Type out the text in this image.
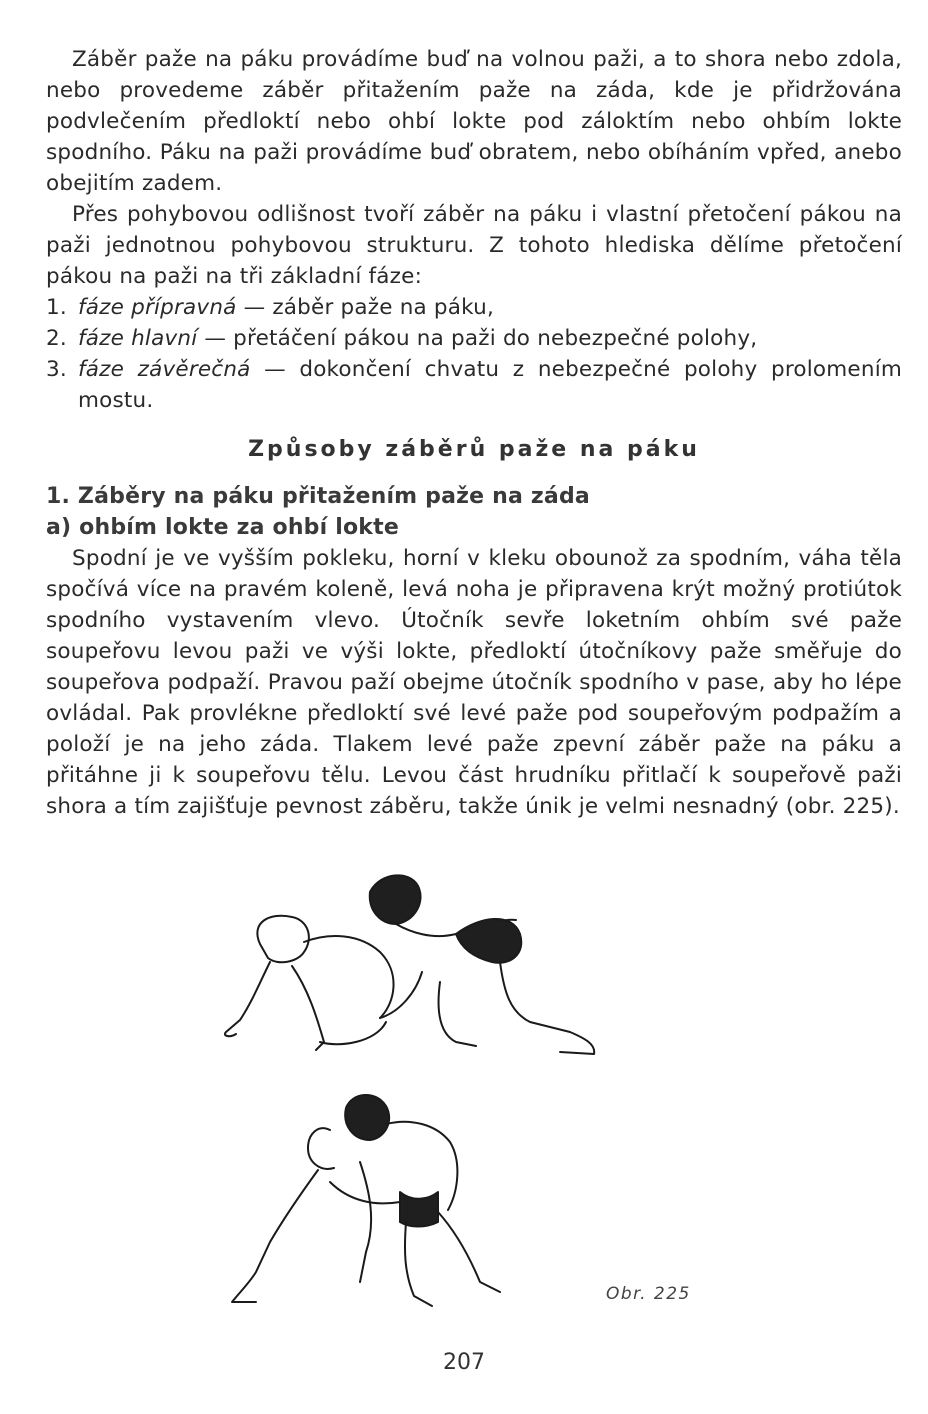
Záběr paže na páku provádíme buď na volnou paži, a to shora nebo zdola, nebo provedeme záběr přitažením paže na záda, kde je přidržována podvlečením předloktí nebo ohbí lokte pod záloktím nebo ohbím lokte spodního. Páku na paži provádíme buď obratem, nebo obíháním vpřed, anebo obejitím zadem.

Přes pohybovou odlišnost tvoří záběr na páku i vlastní přetočení pákou na paži jednotnou pohybovou strukturu. Z tohoto hlediska dělíme přetočení pákou na paži na tři základní fáze:

1. fáze přípravná — záběr paže na páku,
2. fáze hlavní — přetáčení pákou na paži do nebezpečné polohy,
3. fáze závěrečná — dokončení chvatu z nebezpečné polohy prolomením mostu.
Způsoby záběrů paže na páku
1. Záběry na páku přitažením paže na záda
a) ohbím lokte za ohbí lokte

Spodní je ve vyšším pokleku, horní v kleku obounož za spodním, váha těla spočívá více na pravém koleně, levá noha je připravena krýt možný protiútok spodního vystavením vlevo. Útočník sevře loketním ohbím své paže soupeřovu levou paži ve výši lokte, předloktí útočníkovy paže směřuje do soupeřova podpaží. Pravou paží obejme útočník spodního v pase, aby ho lépe ovládal. Pak provlékne předloktí své levé paže pod soupeřovým podpažím a položí je na jeho záda. Tlakem levé paže zpevní záběr paže na páku a přitáhne ji k soupeřovu tělu. Levou část hrudníku přitlačí k soupeřově paži shora a tím zajišťuje pevnost záběru, takže únik je velmi nesnadný (obr. 225).

Obr. 225
207
